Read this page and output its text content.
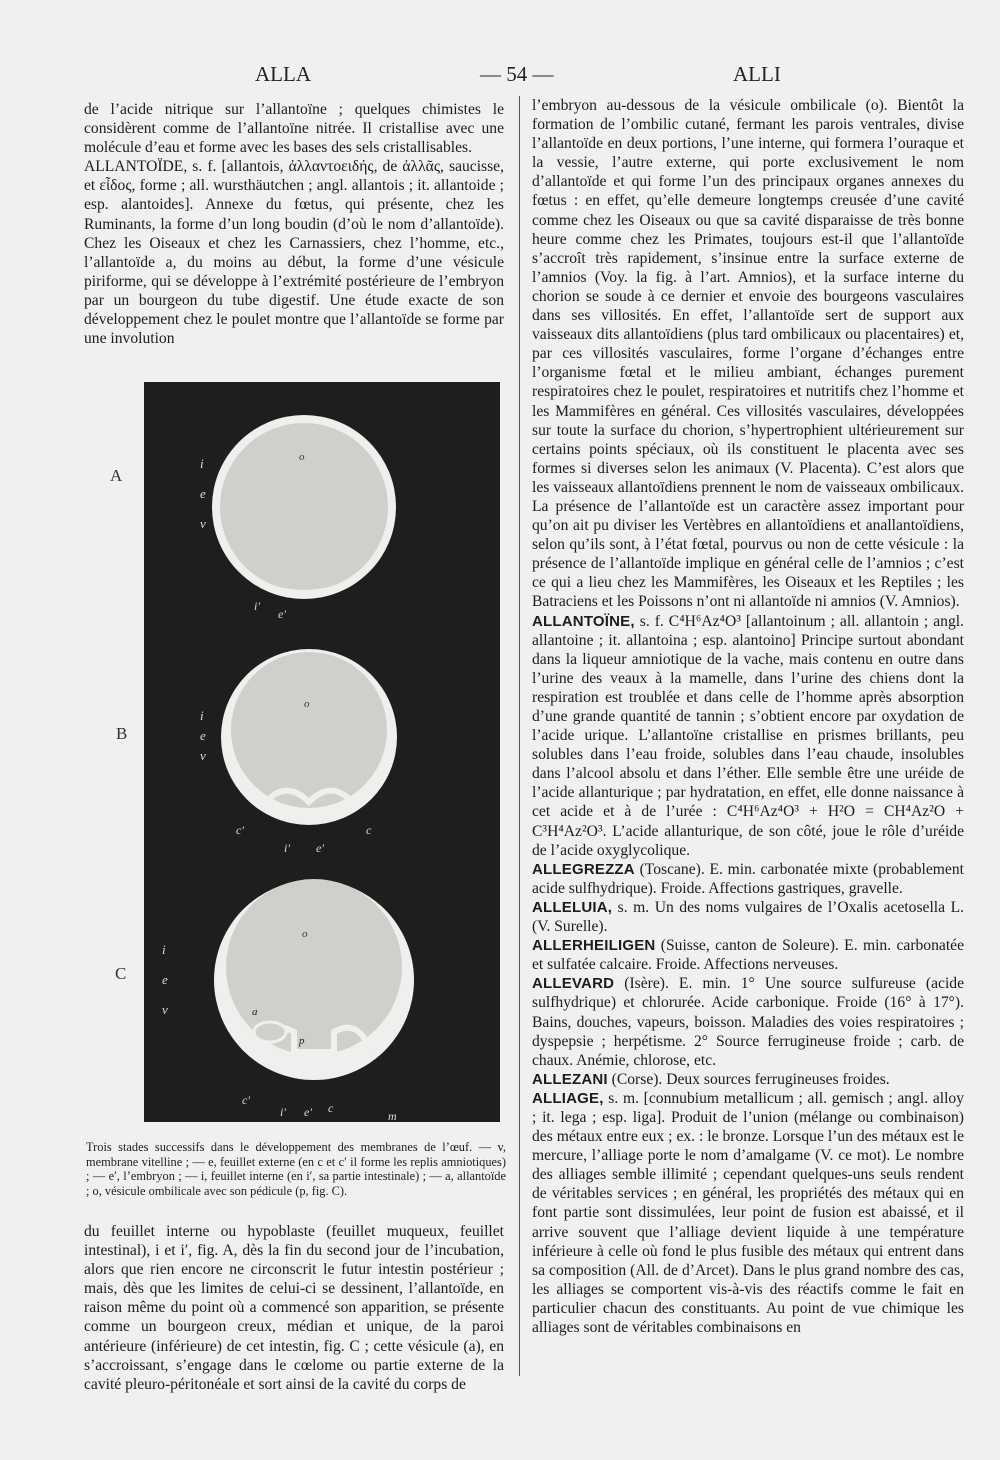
ALLA	— 54 —	ALLI

de l’acide nitrique sur l’allantoïne ; quelques chimistes le considèrent comme de l’allantoïne nitrée. Il cristallise avec une molécule d’eau et forme avec les bases des sels cristallisables.

ALLANTOÏDE, s. f. [allantois, ἀλλαντοειδής, de ἀλλᾶς, saucisse, et εἶδος, forme ; all. wursthäutchen ; angl. allantois ; it. allantoide ; esp. alantoides]. Annexe du fœtus, qui présente, chez les Ruminants, la forme d’un long boudin (d’où le nom d’allantoïde). Chez les Oiseaux et chez les Carnassiers, chez l’homme, etc., l’allantoïde a, du moins au début, la forme d’une vésicule piriforme, qui se développe à l’extrémité postérieure de l’embryon par un bourgeon du tube digestif. Une étude exacte de son développement chez le poulet montre que l’allantoïde se forme par une involution

o
i
e
v
i'
e'
o
i
e
v
c'
i' e'
c
o
i
e
v	a
p
c'
i' e' c
m
A
B
C

Trois stades successifs dans le développement des membranes de l’œuf. — v, membrane vitelline ; — e, feuillet externe (en c et c′ il forme les replis amniotiques) ; — e′, l’embryon ; — i, feuillet interne (en i′, sa partie intestinale) ; — a, allantoïde ; o, vésicule ombilicale avec son pédicule (p, fig. C).

du feuillet interne ou hypoblaste (feuillet muqueux, feuillet intestinal), i et i′, fig. A, dès la fin du second jour de l’incubation, alors que rien encore ne circonscrit le futur intestin postérieur ; mais, dès que les limites de celui-ci se dessinent, l’allantoïde, en raison même du point où a commencé son apparition, se présente comme un bourgeon creux, médian et unique, de la paroi antérieure (inférieure) de cet intestin, fig. C ; cette vésicule (a), en s’accroissant, s’engage dans le cœlome ou partie externe de la cavité pleuro-péritonéale et sort ainsi de la cavité du corps de

l’embryon au-dessous de la vésicule ombilicale (o). Bientôt la formation de l’ombilic cutané, fermant les parois ventrales, divise l’allantoïde en deux portions, l’une interne, qui formera l’ouraque et la vessie, l’autre externe, qui porte exclusivement le nom d’allantoïde et qui forme l’un des principaux organes annexes du fœtus : en effet, qu’elle demeure longtemps creusée d’une cavité comme chez les Oiseaux ou que sa cavité disparaisse de très bonne heure comme chez les Primates, toujours est-il que l’allantoïde s’accroît très rapidement, s’insinue entre la surface externe de l’amnios (Voy. la fig. à l’art. Amnios), et la surface interne du chorion se soude à ce dernier et envoie des bourgeons vasculaires dans ses villosités. En effet, l’allantoïde sert de support aux vaisseaux dits allantoïdiens (plus tard ombilicaux ou placentaires) et, par ces villosités vasculaires, forme l’organe d’échanges entre l’organisme fœtal et le milieu ambiant, échanges purement respiratoires chez le poulet, respiratoires et nutritifs chez l’homme et les Mammifères en général. Ces villosités vasculaires, développées sur toute la surface du chorion, s’hypertrophient ultérieurement sur certains points spéciaux, où ils constituent le placenta avec ses formes si diverses selon les animaux (V. Placenta). C’est alors que les vaisseaux allantoïdiens prennent le nom de vaisseaux ombilicaux. La présence de l’allantoïde est un caractère assez important pour qu’on ait pu diviser les Vertèbres en allantoïdiens et anallantoïdiens, selon qu’ils sont, à l’état fœtal, pourvus ou non de cette vésicule : la présence de l’allantoïde implique en général celle de l’amnios ; c’est ce qui a lieu chez les Mammifères, les Oiseaux et les Reptiles ; les Batraciens et les Poissons n’ont ni allantoïde ni amnios (V. Amnios).

ALLANTOÏNE, s. f. C⁴H⁶Az⁴O³ [allantoinum ; all. allantoin ; angl. allantoine ; it. allantoina ; esp. alantoino] Principe surtout abondant dans la liqueur amniotique de la vache, mais contenu en outre dans l’urine des veaux à la mamelle, dans l’urine des chiens dont la respiration est troublée et dans celle de l’homme après absorption d’une grande quantité de tannin ; s’obtient encore par oxydation de l’acide urique. L’allantoïne cristallise en prismes brillants, peu solubles dans l’eau froide, solubles dans l’eau chaude, insolubles dans l’alcool absolu et dans l’éther. Elle semble être une uréide de l’acide allanturique ; par hydratation, en effet, elle donne naissance à cet acide et à de l’urée : C⁴H⁶Az⁴O³ + H²O = CH⁴Az²O + C³H⁴Az²O³. L’acide allanturique, de son côté, joue le rôle d’uréide de l’acide oxyglycolique.

ALLEGREZZA (Toscane). E. min. carbonatée mixte (probablement acide sulfhydrique). Froide. Affections gastriques, gravelle.

ALLELUIA, s. m. Un des noms vulgaires de l’Oxalis acetosella L. (V. Surelle).

ALLERHEILIGEN (Suisse, canton de Soleure). E. min. carbonatée et sulfatée calcaire. Froide. Affections nerveuses.

ALLEVARD (Isère). E. min. 1° Une source sulfureuse (acide sulfhydrique) et chlorurée. Acide carbonique. Froide (16° à 17°). Bains, douches, vapeurs, boisson. Maladies des voies respiratoires ; dyspepsie ; herpétisme. 2° Source ferrugineuse froide ; carb. de chaux. Anémie, chlorose, etc.

ALLEZANI (Corse). Deux sources ferrugineuses froides.

ALLIAGE, s. m. [connubium metallicum ; all. gemisch ; angl. alloy ; it. lega ; esp. liga]. Produit de l’union (mélange ou combinaison) des métaux entre eux ; ex. : le bronze. Lorsque l’un des métaux est le mercure, l’alliage porte le nom d’amalgame (V. ce mot). Le nombre des alliages semble illimité ; cependant quelques-uns seuls rendent de véritables services ; en général, les propriétés des métaux qui en font partie sont dissimulées, leur point de fusion est abaissé, et il arrive souvent que l’alliage devient liquide à une température inférieure à celle où fond le plus fusible des métaux qui entrent dans sa composition (All. de d’Arcet). Dans le plus grand nombre des cas, les alliages se comportent vis-à-vis des réactifs comme le fait en particulier chacun des constituants. Au point de vue chimique les alliages sont de véritables combinaisons en
